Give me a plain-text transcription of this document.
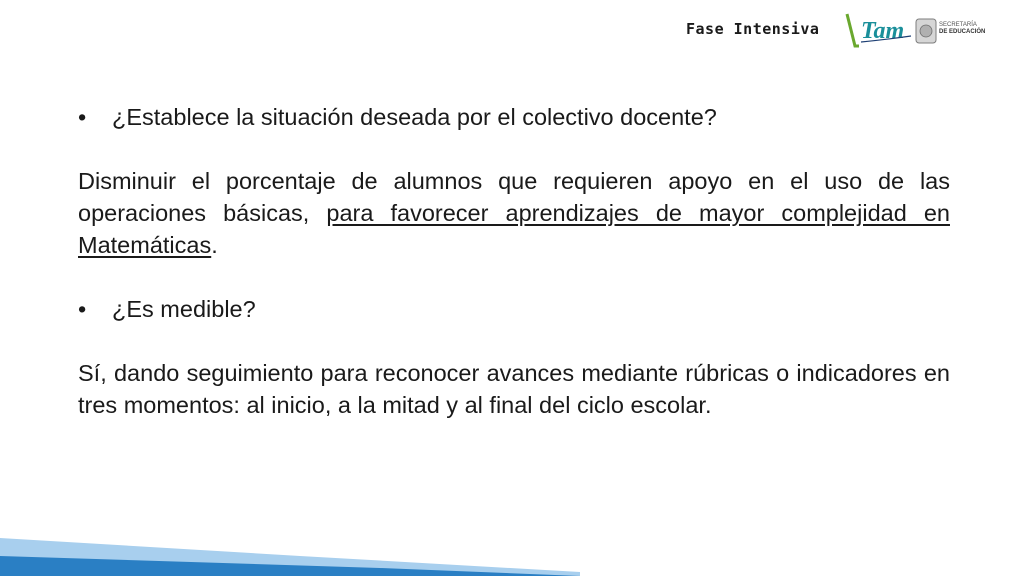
Fase Intensiva Tam	SECRETARÍA
DE EDUCACIÓN
•	¿Establece la situación deseada por el colectivo docente?

Disminuir el porcentaje de alumnos que requieren apoyo en el uso de las operaciones básicas, para favorecer aprendizajes de mayor complejidad en Matemáticas.

•	¿Es medible?

Sí, dando seguimiento para reconocer avances mediante rúbricas o indicadores en tres momentos: al inicio, a la mitad y al final del ciclo escolar.
